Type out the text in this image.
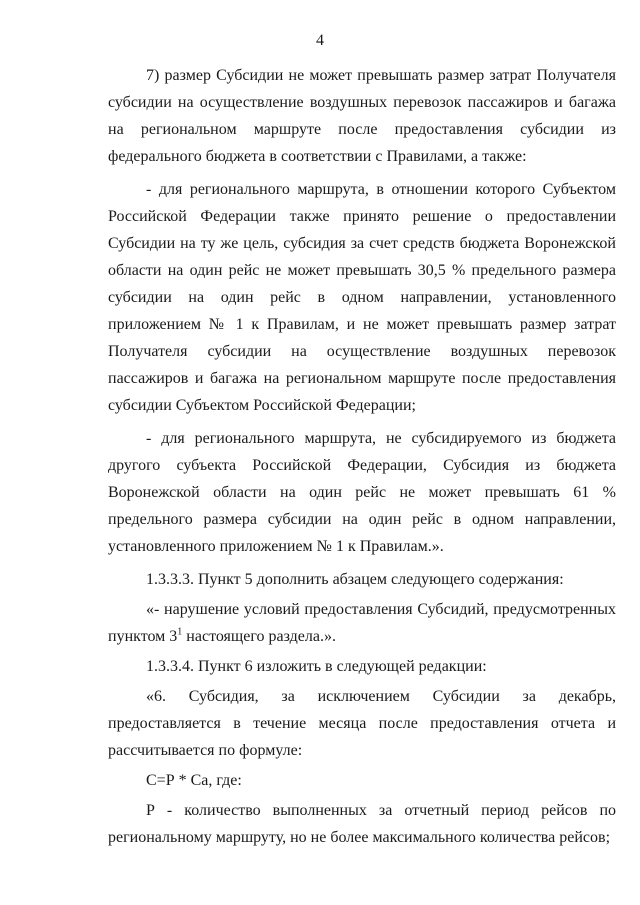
4

7) размер Субсидии не может превышать размер затрат Получателя субсидии на осуществление воздушных перевозок пассажиров и багажа на региональном маршруте после предоставления субсидии из федерального бюджета в соответствии с Правилами, а также:

- для регионального маршрута, в отношении которого Субъектом Российской Федерации также принято решение о предоставлении Субсидии на ту же цель, субсидия за счет средств бюджета Воронежской области на один рейс не может превышать 30,5 % предельного размера субсидии на один рейс в одном направлении, установленного приложением № 1 к Правилам, и не может превышать размер затрат Получателя субсидии на осуществление воздушных перевозок пассажиров и багажа на региональном маршруте после предоставления субсидии Субъектом Российской Федерации;

- для регионального маршрута, не субсидируемого из бюджета другого субъекта Российской Федерации, Субсидия из бюджета Воронежской области на один рейс не может превышать 61 % предельного размера субсидии на один рейс в одном направлении, установленного приложением № 1 к Правилам.».

1.3.3.3. Пункт 5 дополнить абзацем следующего содержания:

«- нарушение условий предоставления Субсидий, предусмотренных пунктом $3^1$ настоящего раздела.».

1.3.3.4. Пункт 6 изложить в следующей редакции:

«6. Субсидия, за исключением Субсидии за декабрь, предоставляется в течение месяца после предоставления отчета и рассчитывается по формуле:

С=Р * Са, где:

Р - количество выполненных за отчетный период рейсов по региональному маршруту, но не более максимального количества рейсов;
